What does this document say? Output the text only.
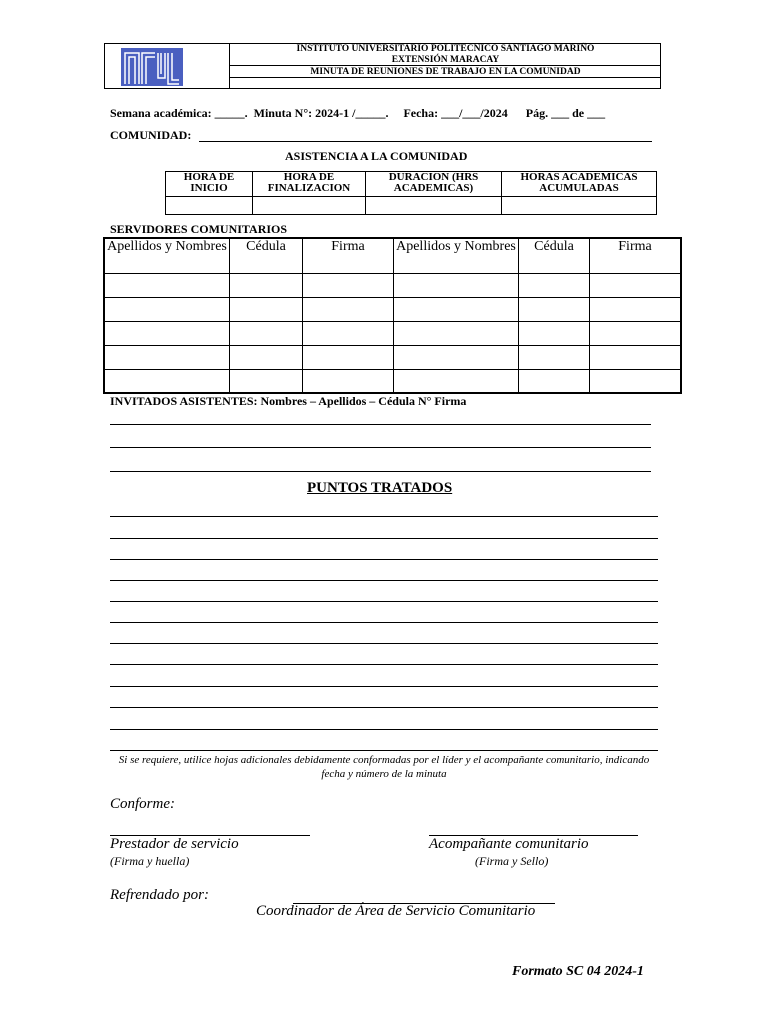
INSTITUTO UNIVERSITARIO POLITECNICO SANTIAGO MARIÑO
EXTENSIÓN MARACAY
MINUTA DE REUNIONES DE TRABAJO EN LA COMUNIDAD
Semana académica: _____.  Minuta N°: 2024-1 /_____.     Fecha: ___/___/2024      Pág. ___ de ___
COMUNIDAD:
ASISTENCIA A LA COMUNIDAD
HORA DE INICIO	HORA DE FINALIZACION	DURACION (HRS ACADEMICAS)	HORAS ACADEMICAS ACUMULADAS

SERVIDORES COMUNITARIOS
Apellidos y Nombres	Cédula	Firma	Apellidos y Nombres	Cédula	Firma

INVITADOS ASISTENTES: Nombres – Apellidos – Cédula N° Firma
PUNTOS TRATADOS
Si se requiere, utilice hojas adicionales debidamente conformadas por el líder y el acompañante comunitario, indicando fecha y número de la minuta
Conforme:
Prestador de servicio
(Firma y huella)
Acompañante comunitario
(Firma y Sello)
Refrendado por:
Coordinador de Área de Servicio Comunitario
Formato SC 04 2024-1
